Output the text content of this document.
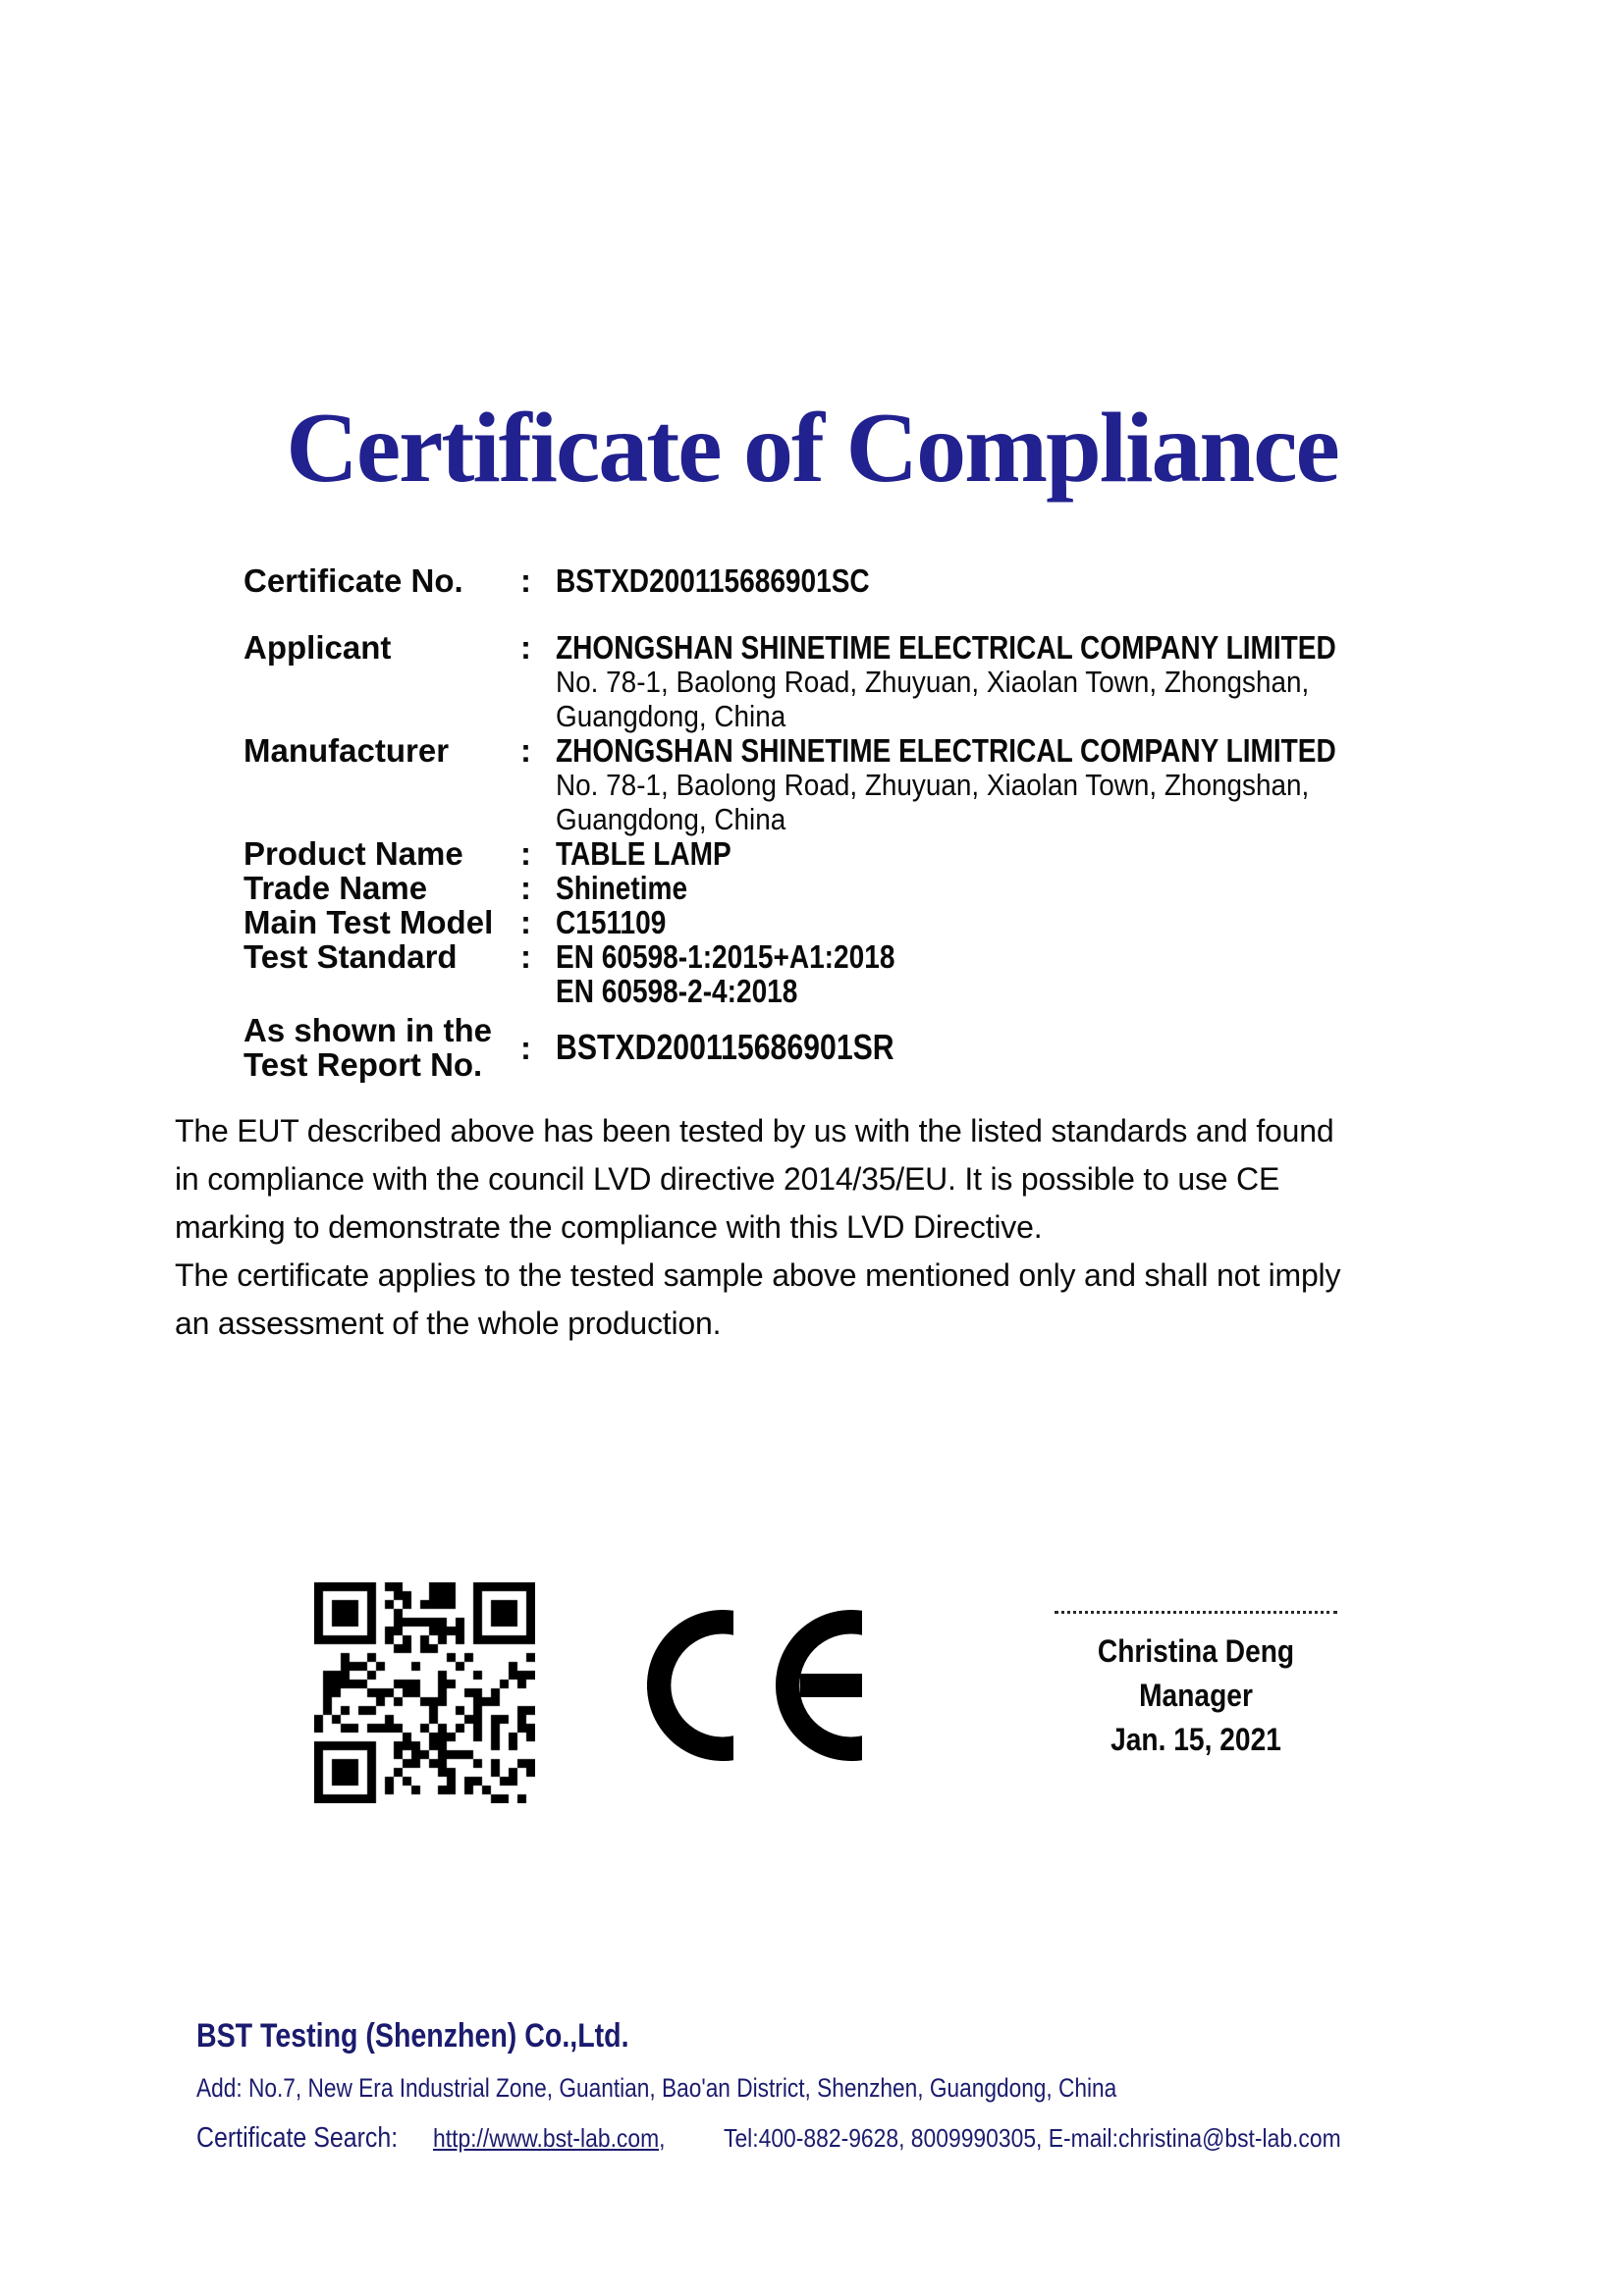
Certificate of Compliance
Certificate No.	: BSTXD200115686901SC
Applicant	: ZHONGSHAN SHINETIME ELECTRICAL COMPANY LIMITED
No. 78-1, Baolong Road, Zhuyuan, Xiaolan Town, Zhongshan,
Guangdong, China
Manufacturer	: ZHONGSHAN SHINETIME ELECTRICAL COMPANY LIMITED
No. 78-1, Baolong Road, Zhuyuan, Xiaolan Town, Zhongshan,
Guangdong, China
Product Name	: TABLE LAMP
Trade Name	: Shinetime
Main Test Model : C151109
Test Standard	: EN 60598-1:2015+A1:2018
EN 60598-2-4:2018
As shown in the
Test Report No.	: BSTXD200115686901SR
The EUT described above has been tested by us with the listed standards and found
in compliance with the council LVD directive 2014/35/EU. It is possible to use CE
marking to demonstrate the compliance with this LVD Directive.
The certificate applies to the tested sample above mentioned only and shall not imply
an assessment of the whole production.
Christina Deng
Manager
Jan. 15, 2021
BST Testing (Shenzhen) Co.,Ltd.
Add: No.7, New Era Industrial Zone, Guantian, Bao'an District, Shenzhen, Guangdong, China
Certificate Search: http://www.bst-lab.com, Tel:400-882-9628, 8009990305, E-mail:christina@bst-lab.com
